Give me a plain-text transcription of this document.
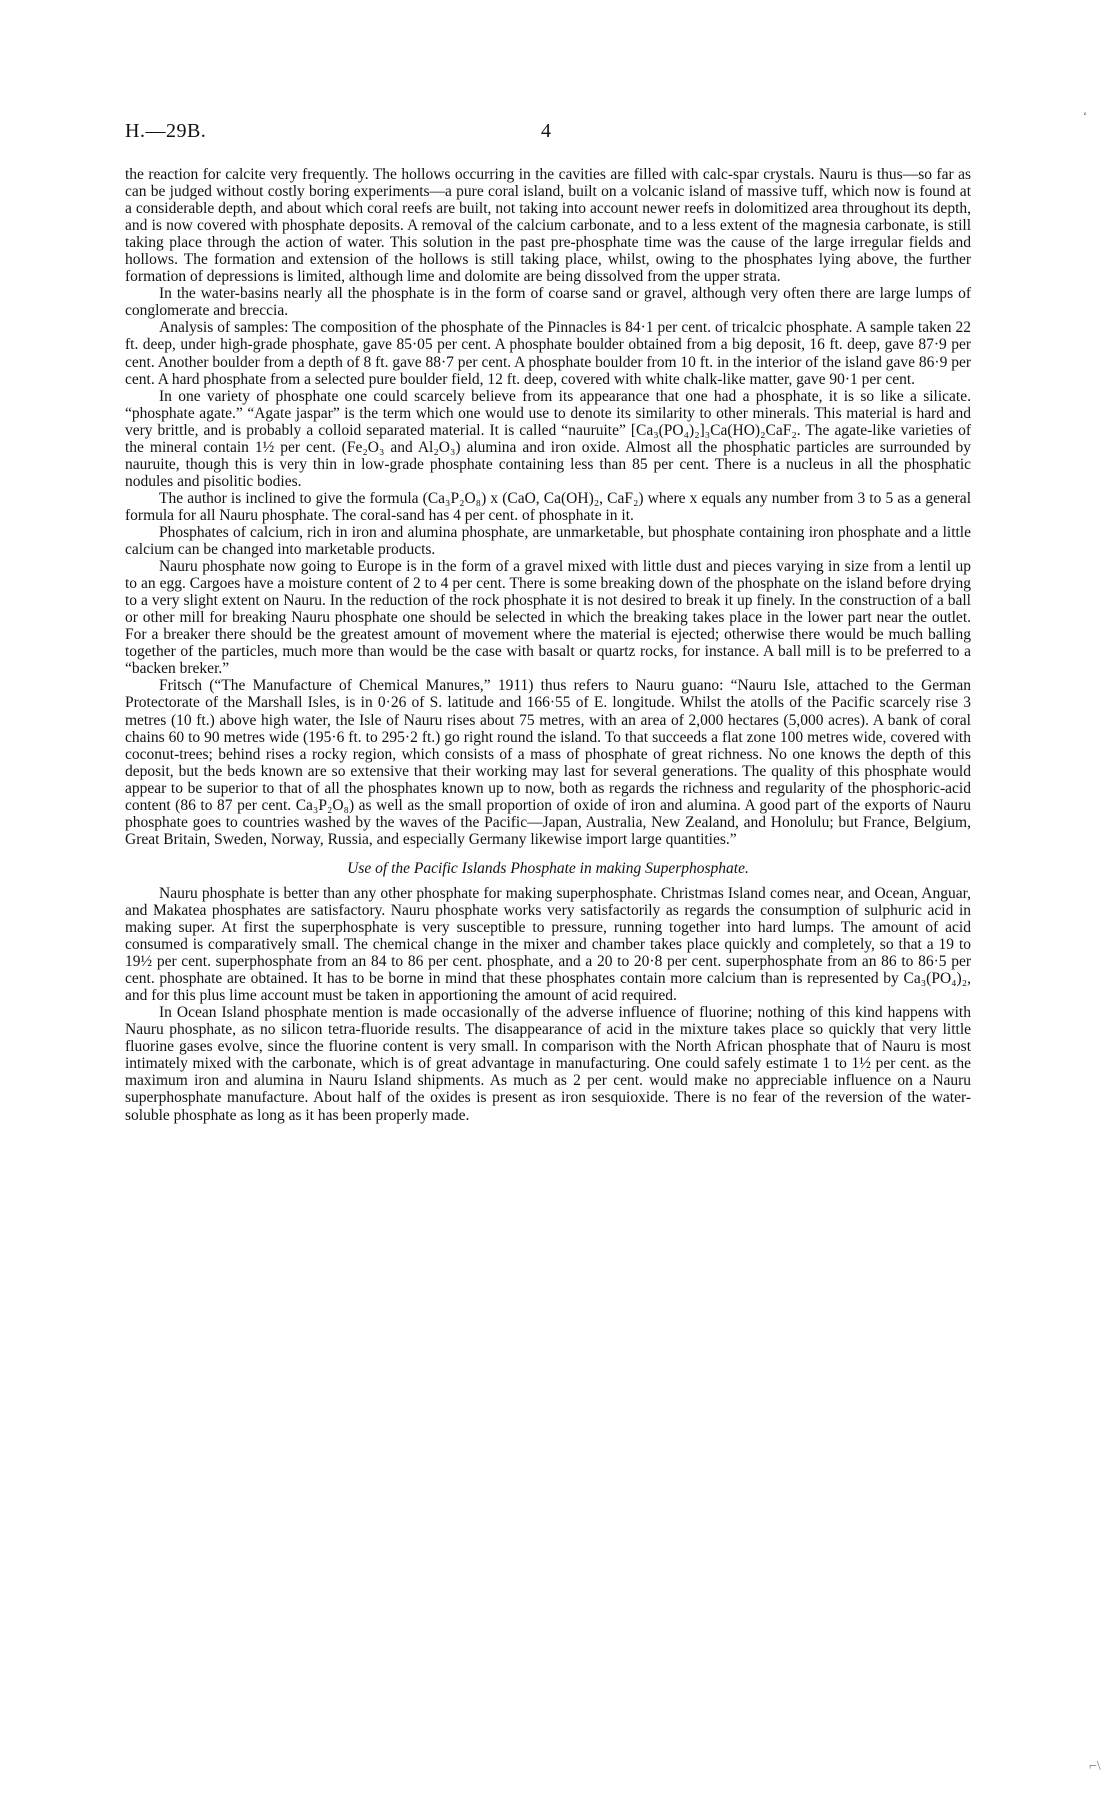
H.—29B.	4
ʻ

the reaction for calcite very frequently. The hollows occurring in the cavities are filled with calc-spar crystals. Nauru is thus—so far as can be judged without costly boring experiments—a pure coral island, built on a volcanic island of massive tuff, which now is found at a considerable depth, and about which coral reefs are built, not taking into account newer reefs in dolomitized area throughout its depth, and is now covered with phosphate deposits. A removal of the calcium carbonate, and to a less extent of the magnesia carbonate, is still taking place through the action of water. This solution in the past pre-phosphate time was the cause of the large irregular fields and hollows. The formation and extension of the hollows is still taking place, whilst, owing to the phosphates lying above, the further formation of depressions is limited, although lime and dolomite are being dissolved from the upper strata.

In the water-basins nearly all the phosphate is in the form of coarse sand or gravel, although very often there are large lumps of conglomerate and breccia.

Analysis of samples: The composition of the phosphate of the Pinnacles is 84·1 per cent. of tricalcic phosphate. A sample taken 22 ft. deep, under high-grade phosphate, gave 85·05 per cent. A phosphate boulder obtained from a big deposit, 16 ft. deep, gave 87·9 per cent. Another boulder from a depth of 8 ft. gave 88·7 per cent. A phosphate boulder from 10 ft. in the interior of the island gave 86·9 per cent. A hard phosphate from a selected pure boulder field, 12 ft. deep, covered with white chalk-like matter, gave 90·1 per cent.

In one variety of phosphate one could scarcely believe from its appearance that one had a phosphate, it is so like a silicate. “phosphate agate.” “Agate jaspar” is the term which one would use to denote its similarity to other minerals. This material is hard and very brittle, and is probably a colloid separated material. It is called “nauruite” [Ca₃(PO₄)₂]₃Ca(HO)₂CaF₂. The agate-like varieties of the mineral contain 1½ per cent. (Fe₂O₃ and Al₂O₃) alumina and iron oxide. Almost all the phosphatic particles are surrounded by nauruite, though this is very thin in low-grade phosphate containing less than 85 per cent. There is a nucleus in all the phosphatic nodules and pisolitic bodies.

The author is inclined to give the formula (Ca₃P₂O₈) x (CaO, Ca(OH)₂, CaF₂) where x equals any number from 3 to 5 as a general formula for all Nauru phosphate. The coral-sand has 4 per cent. of phosphate in it.

Phosphates of calcium, rich in iron and alumina phosphate, are unmarketable, but phosphate containing iron phosphate and a little calcium can be changed into marketable products.

Nauru phosphate now going to Europe is in the form of a gravel mixed with little dust and pieces varying in size from a lentil up to an egg. Cargoes have a moisture content of 2 to 4 per cent. There is some breaking down of the phosphate on the island before drying to a very slight extent on Nauru. In the reduction of the rock phosphate it is not desired to break it up finely. In the construction of a ball or other mill for breaking Nauru phosphate one should be selected in which the breaking takes place in the lower part near the outlet. For a breaker there should be the greatest amount of movement where the material is ejected; otherwise there would be much balling together of the particles, much more than would be the case with basalt or quartz rocks, for instance. A ball mill is to be preferred to a “backen breker.”

Fritsch (“The Manufacture of Chemical Manures,” 1911) thus refers to Nauru guano: “Nauru Isle, attached to the German Protectorate of the Marshall Isles, is in 0·26 of S. latitude and 166·55 of E. longitude. Whilst the atolls of the Pacific scarcely rise 3 metres (10 ft.) above high water, the Isle of Nauru rises about 75 metres, with an area of 2,000 hectares (5,000 acres). A bank of coral chains 60 to 90 metres wide (195·6 ft. to 295·2 ft.) go right round the island. To that succeeds a flat zone 100 metres wide, covered with coconut-trees; behind rises a rocky region, which consists of a mass of phosphate of great richness. No one knows the depth of this deposit, but the beds known are so extensive that their working may last for several generations. The quality of this phosphate would appear to be superior to that of all the phosphates known up to now, both as regards the richness and regularity of the phosphoric-acid content (86 to 87 per cent. Ca₃P₂O₈) as well as the small proportion of oxide of iron and alumina. A good part of the exports of Nauru phosphate goes to countries washed by the waves of the Pacific—Japan, Australia, New Zealand, and Honolulu; but France, Belgium, Great Britain, Sweden, Norway, Russia, and especially Germany likewise import large quantities.”

Use of the Pacific Islands Phosphate in making Superphosphate.

Nauru phosphate is better than any other phosphate for making superphosphate. Christmas Island comes near, and Ocean, Anguar, and Makatea phosphates are satisfactory. Nauru phosphate works very satisfactorily as regards the consumption of sulphuric acid in making super. At first the superphosphate is very susceptible to pressure, running together into hard lumps. The amount of acid consumed is comparatively small. The chemical change in the mixer and chamber takes place quickly and completely, so that a 19 to 19½ per cent. superphosphate from an 84 to 86 per cent. phosphate, and a 20 to 20·8 per cent. superphosphate from an 86 to 86·5 per cent. phosphate are obtained. It has to be borne in mind that these phosphates contain more calcium than is represented by Ca₃(PO₄)₂, and for this plus lime account must be taken in apportioning the amount of acid required.

In Ocean Island phosphate mention is made occasionally of the adverse influence of fluorine; nothing of this kind happens with Nauru phosphate, as no silicon tetra-fluoride results. The disappearance of acid in the mixture takes place so quickly that very little fluorine gases evolve, since the fluorine content is very small. In comparison with the North African phosphate that of Nauru is most intimately mixed with the carbonate, which is of great advantage in manufacturing. One could safely estimate 1 to 1½ per cent. as the maximum iron and alumina in Nauru Island shipments. As much as 2 per cent. would make no appreciable influence on a Nauru superphosphate manufacture. About half of the oxides is present as iron sesquioxide. There is no fear of the reversion of the water-soluble phosphate as long as it has been properly made.

⌐\
